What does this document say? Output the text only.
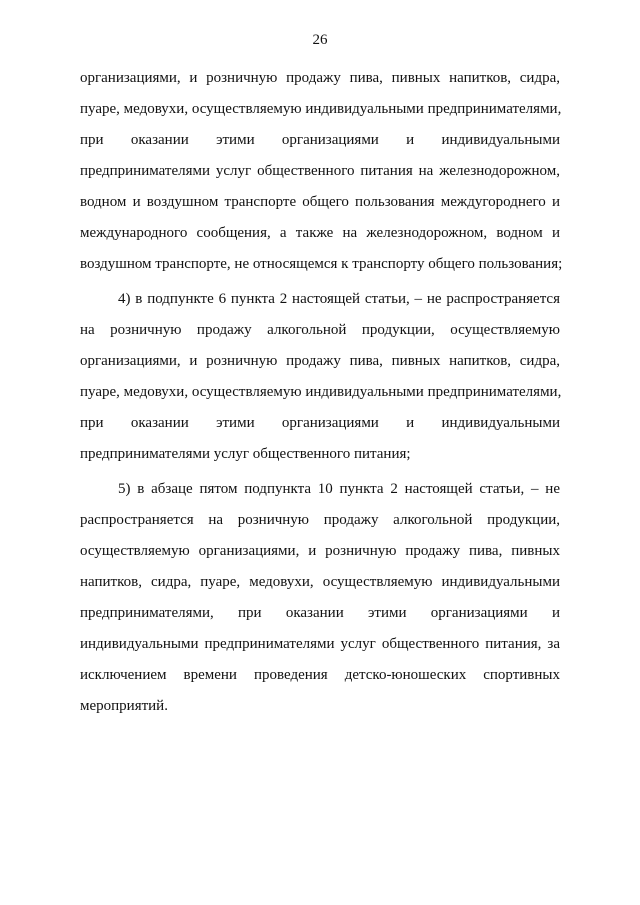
26
организациями, и розничную продажу пива, пивных напитков, сидра,
пуаре, медовухи, осуществляемую индивидуальными предпринимателями,
при оказании этими организациями и индивидуальными
предпринимателями услуг общественного питания на железнодорожном,
водном и воздушном транспорте общего пользования междугороднего и
международного сообщения, а также на железнодорожном, водном и
воздушном транспорте, не относящемся к транспорту общего пользования;
4) в подпункте 6 пункта 2 настоящей статьи, – не распространяется
на розничную продажу алкогольной продукции, осуществляемую
организациями, и розничную продажу пива, пивных напитков, сидра,
пуаре, медовухи, осуществляемую индивидуальными предпринимателями,
при оказании этими организациями и индивидуальными
предпринимателями услуг общественного питания;
5) в абзаце пятом подпункта 10 пункта 2 настоящей статьи, – не
распространяется на розничную продажу алкогольной продукции,
осуществляемую организациями, и розничную продажу пива, пивных
напитков, сидра, пуаре, медовухи, осуществляемую индивидуальными
предпринимателями, при оказании этими организациями и
индивидуальными предпринимателями услуг общественного питания, за
исключением времени проведения детско-юношеских спортивных
мероприятий.
